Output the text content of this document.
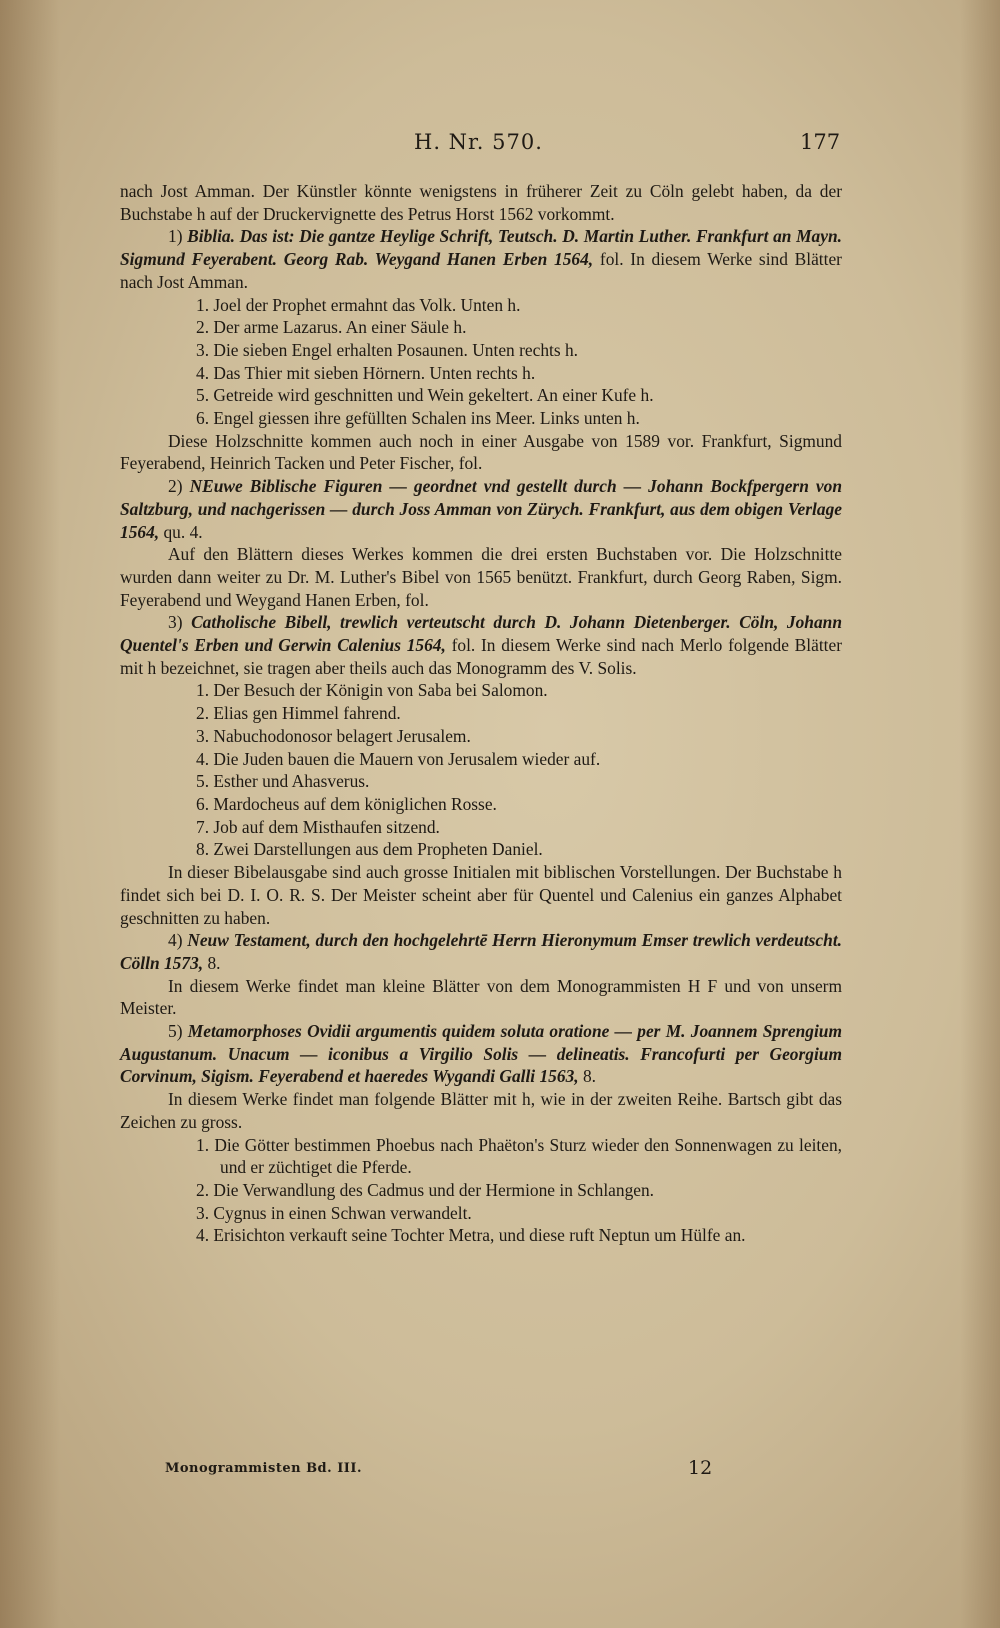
H. Nr. 570.	177

nach Jost Amman. Der Künstler könnte wenigstens in früherer Zeit zu Cöln gelebt haben, da der Buchstabe h auf der Druckervignette des Petrus Horst 1562 vorkommt.

1) Biblia. Das ist: Die gantze Heylige Schrift, Teutsch. D. Martin Luther. Frankfurt an Mayn. Sigmund Feyerabent. Georg Rab. Weygand Hanen Erben 1564, fol. In diesem Werke sind Blätter nach Jost Amman.

1. Joel der Prophet ermahnt das Volk. Unten h.
2. Der arme Lazarus. An einer Säule h.
3. Die sieben Engel erhalten Posaunen. Unten rechts h.
4. Das Thier mit sieben Hörnern. Unten rechts h.
5. Getreide wird geschnitten und Wein gekeltert. An einer Kufe h.
6. Engel giessen ihre gefüllten Schalen ins Meer. Links unten h.

Diese Holzschnitte kommen auch noch in einer Ausgabe von 1589 vor. Frankfurt, Sigmund Feyerabend, Heinrich Tacken und Peter Fischer, fol.

2) NEuwe Biblische Figuren — geordnet vnd gestellt durch — Johann Bockfpergern von Saltzburg, und nachgerissen — durch Joss Amman von Zürych. Frankfurt, aus dem obigen Verlage 1564, qu. 4.

Auf den Blättern dieses Werkes kommen die drei ersten Buchstaben vor. Die Holzschnitte wurden dann weiter zu Dr. M. Luther's Bibel von 1565 benützt. Frankfurt, durch Georg Raben, Sigm. Feyerabend und Weygand Hanen Erben, fol.

3) Catholische Bibell, trewlich verteutscht durch D. Johann Dietenberger. Cöln, Johann Quentel's Erben und Gerwin Calenius 1564, fol. In diesem Werke sind nach Merlo folgende Blätter mit h bezeichnet, sie tragen aber theils auch das Monogramm des V. Solis.

1. Der Besuch der Königin von Saba bei Salomon.
2. Elias gen Himmel fahrend.
3. Nabuchodonosor belagert Jerusalem.
4. Die Juden bauen die Mauern von Jerusalem wieder auf.
5. Esther und Ahasverus.
6. Mardocheus auf dem königlichen Rosse.
7. Job auf dem Misthaufen sitzend.
8. Zwei Darstellungen aus dem Propheten Daniel.

In dieser Bibelausgabe sind auch grosse Initialen mit biblischen Vorstellungen. Der Buchstabe h findet sich bei D. I. O. R. S. Der Meister scheint aber für Quentel und Calenius ein ganzes Alphabet geschnitten zu haben.

4) Neuw Testament, durch den hochgelehrtē Herrn Hieronymum Emser trewlich verdeutscht. Cölln 1573, 8.

In diesem Werke findet man kleine Blätter von dem Monogrammisten H F und von unserm Meister.

5) Metamorphoses Ovidii argumentis quidem soluta oratione — per M. Joannem Sprengium Augustanum. Unacum — iconibus a Virgilio Solis — delineatis. Francofurti per Georgium Corvinum, Sigism. Feyerabend et haeredes Wygandi Galli 1563, 8.

In diesem Werke findet man folgende Blätter mit h, wie in der zweiten Reihe. Bartsch gibt das Zeichen zu gross.

1. Die Götter bestimmen Phoebus nach Phaëton's Sturz wieder den Sonnenwagen zu leiten, und er züchtiget die Pferde.
2. Die Verwandlung des Cadmus und der Hermione in Schlangen.
3. Cygnus in einen Schwan verwandelt.
4. Erisichton verkauft seine Tochter Metra, und diese ruft Neptun um Hülfe an.
Monogrammisten Bd. III.	12
